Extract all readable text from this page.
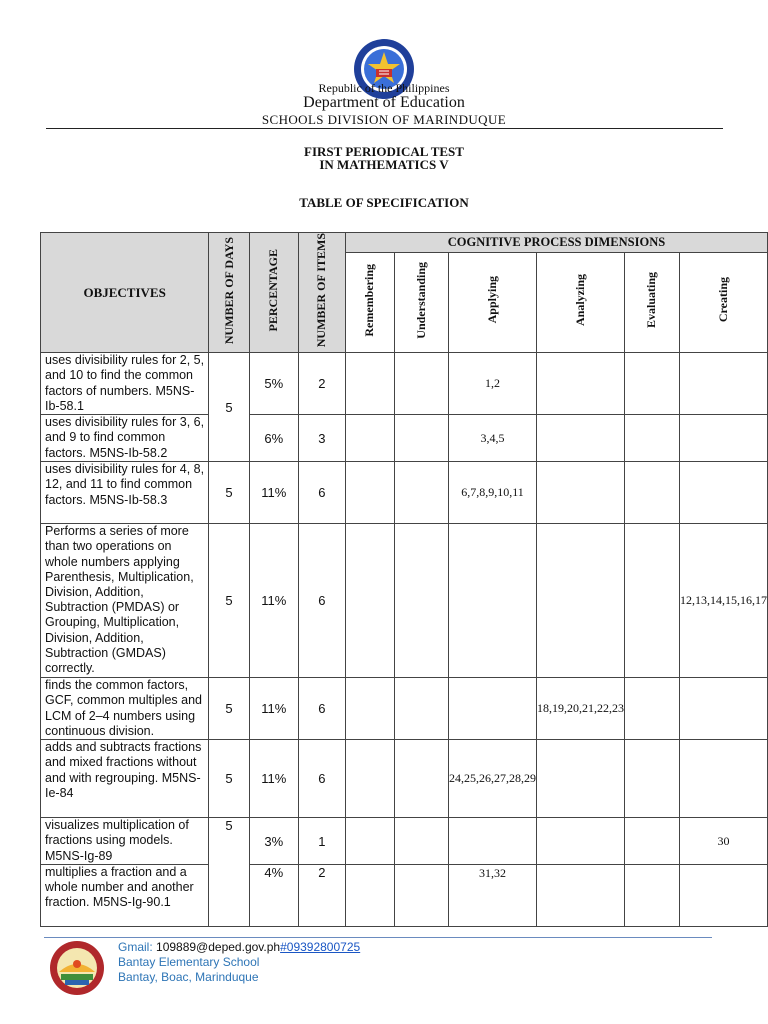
Republic of the Philippines
Department of Education
SCHOOLS DIVISION OF MARINDUQUE
FIRST PERIODICAL TEST
IN MATHEMATICS V
TABLE OF SPECIFICATION
OBJECTIVES	NUMBER OF DAYS	PERCENTAGE	NUMBER OF ITEMS	COGNITIVE PROCESS DIMENSIONS					
				Remembering	Understanding	Applying	Analyzing	Evaluating	Creating
uses divisibility rules for 2, 5, and 10 to find the common factors of numbers. M5NS-Ib-58.1	5	5%	2			1,2			
uses divisibility rules for 3, 6, and 9 to find common factors. M5NS-Ib-58.2		6%	3			3,4,5			
uses divisibility rules for 4, 8, 12, and 11 to find common factors. M5NS-Ib-58.3	5	11%	6			6,7,8,9,10,11			
Performs a series of more than two operations on whole numbers applying Parenthesis, Multiplication, Division, Addition, Subtraction (PMDAS) or Grouping, Multiplication, Division, Addition, Subtraction (GMDAS) correctly.	5	11%	6						12,13,14,15,16,17
finds the common factors, GCF, common multiples and LCM of 2–4 numbers using continuous division.	5	11%	6				18,19,20,21,22,23		
adds and subtracts fractions and mixed fractions without and with regrouping. M5NS-Ie-84	5	11%	6			24,25,26,27,28,29			
visualizes multiplication of fractions using models. M5NS-Ig-89	5	3%	1						30
multiplies a fraction and a whole number and another fraction. M5NS-Ig-90.1		4%	2			31,32			
Gmail: 109889@deped.gov.ph#09392800725
Bantay Elementary School
Bantay, Boac, Marinduque
